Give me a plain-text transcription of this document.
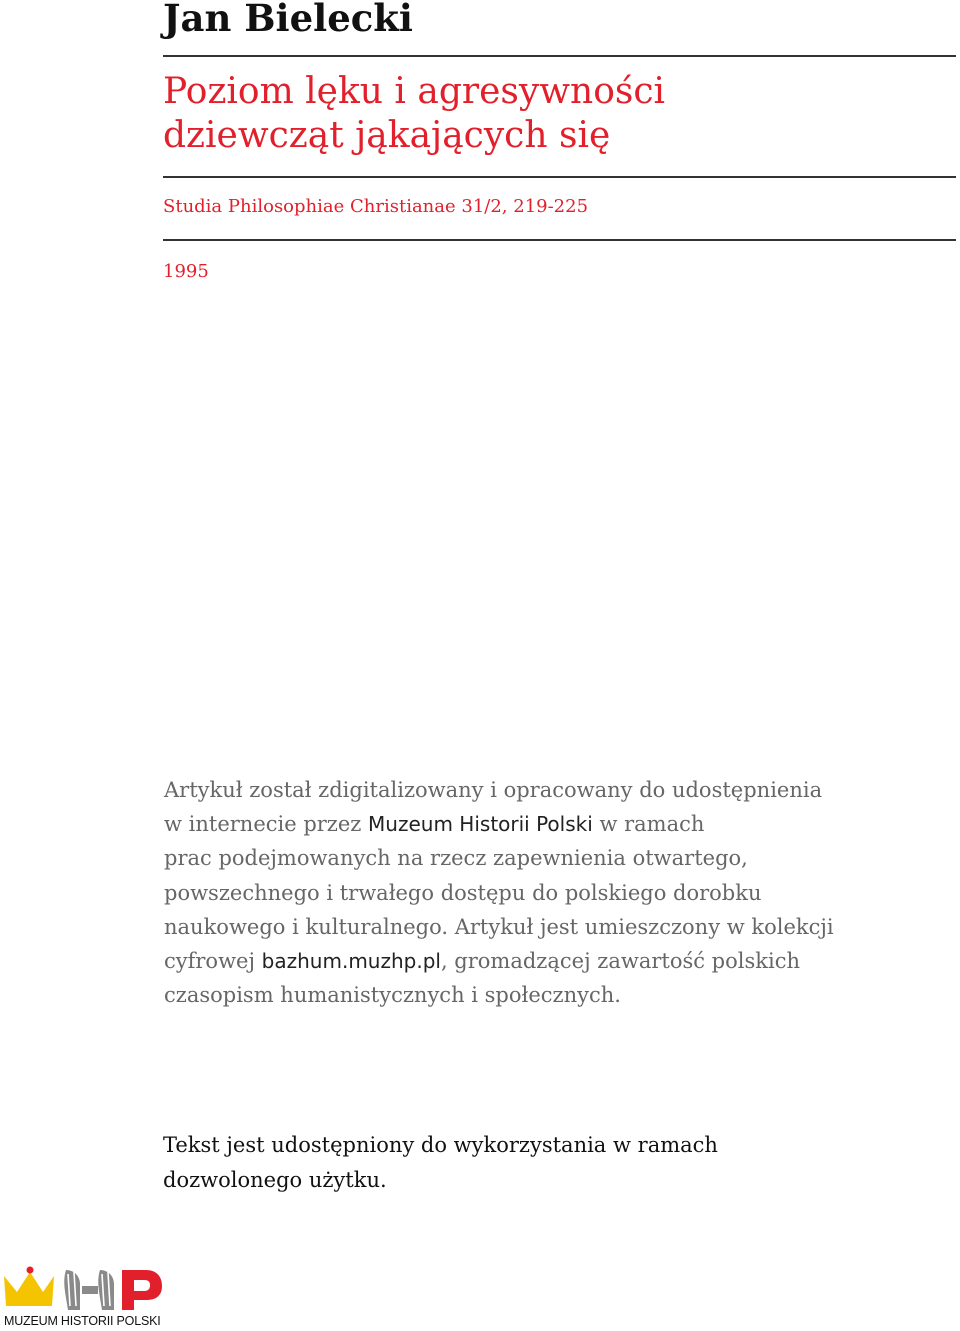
Jan Bielecki
Poziom lęku i agresywności
dziewcząt jąkających się
Studia Philosophiae Christianae 31/2, 219-225
1995
Artykuł został zdigitalizowany i opracowany do udostępnienia
w internecie przez Muzeum Historii Polski w ramach
prac podejmowanych na rzecz zapewnienia otwartego,
powszechnego i trwałego dostępu do polskiego dorobku
naukowego i kulturalnego. Artykuł jest umieszczony w kolekcji
cyfrowej bazhum.muzhp.pl, gromadzącej zawartość polskich
czasopism humanistycznych i społecznych.
Tekst jest udostępniony do wykorzystania w ramach
dozwolonego użytku.
MUZEUM HISTORII POLSKI
